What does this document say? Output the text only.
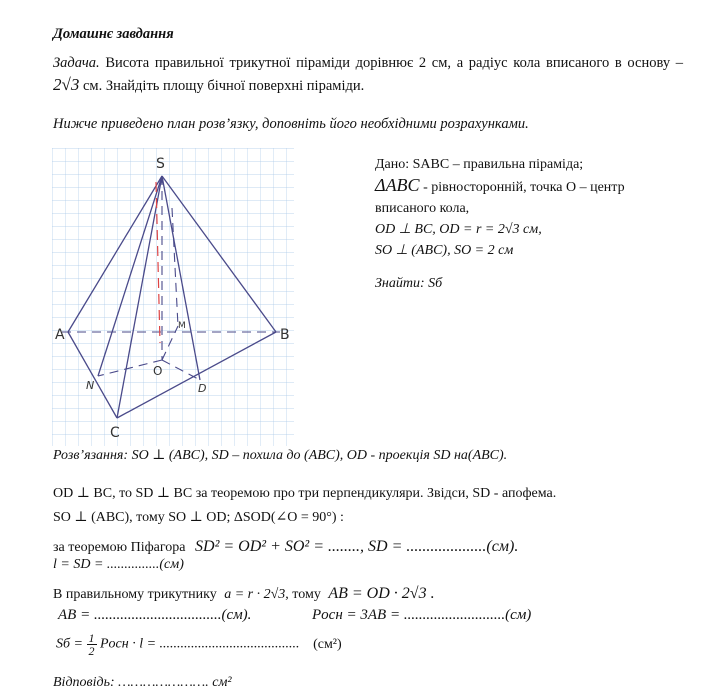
Домашнє завдання
Задача. Висота правильної трикутної піраміди дорівнює 2 см, а радіус кола вписаного в основу – 2√3 см. Знайдіть площу бічної поверхні піраміди.
Нижче приведено план розв’язку, доповніть його необхідними розрахунками.
S
A	B
C
O
N	D
M
Дано: SABC – правильна піраміда;
ΔABC - рівносторонній, точка О – центр вписаного кола,
OD ⊥ BC, OD = r = 2√3 см,
SO ⊥ (ABC), SO = 2 см
Знайти: Sб
Розв’язання: SO ⊥ (ABC), SD – похила до (ABC), OD - проекція SD на(ABC).
OD ⊥ BC, то SD ⊥ BC за теоремою про три перпендикуляри. Звідси, SD - апофема.
SO ⊥ (ABC), тому SO ⊥ OD; ΔSOD(∠O = 90°) :
за теоремою Піфагора SD² = OD² + SO² = ........, SD = ....................(см).
l = SD = ...............(см)
В правильному трикутнику a = r · 2√3, тому AB = OD · 2√3 .
AB = ..................................(см).	Pосн = 3AB = ...........................(см)
Sб = $\frac{1}{2}$ Pосн · l = ........................................ (см²)
Відповідь: …………………. см²
